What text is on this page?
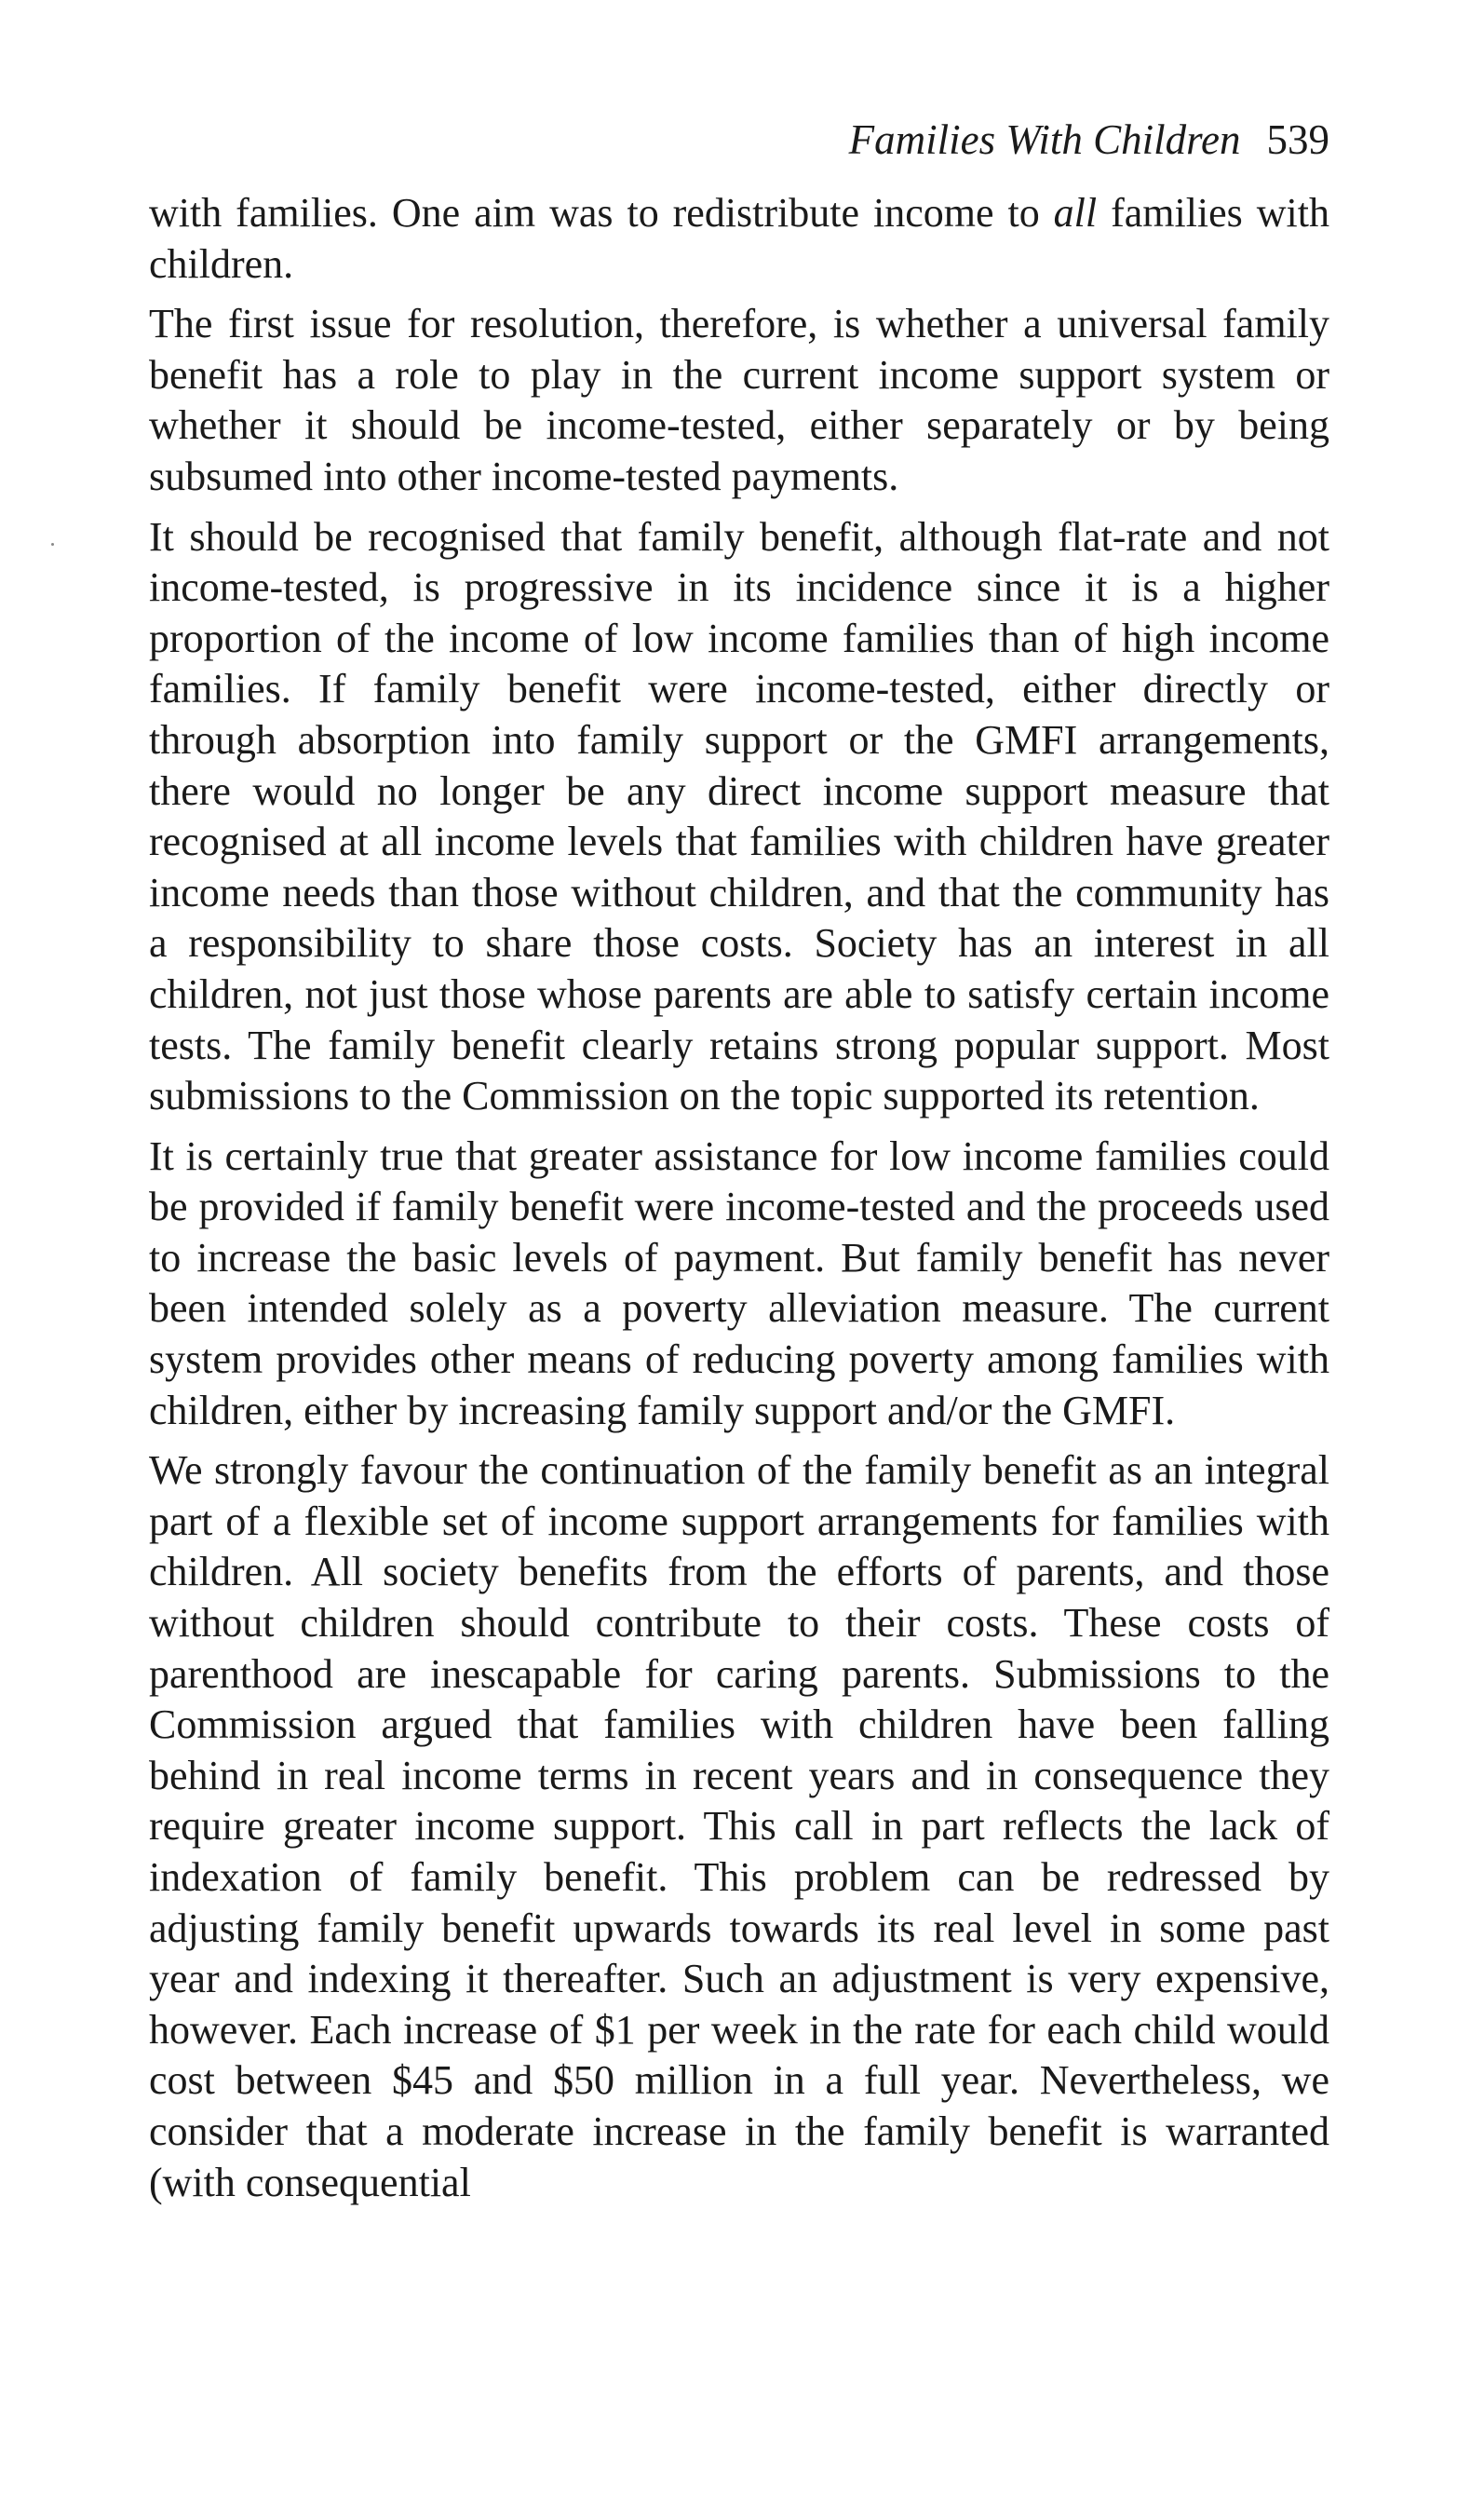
Families With Children 539

with families. One aim was to redistribute income to all families with children.

The first issue for resolution, therefore, is whether a universal family benefit has a role to play in the current income support system or whether it should be income-tested, either separately or by being subsumed into other income-tested payments.

It should be recognised that family benefit, although flat-rate and not income-tested, is progressive in its incidence since it is a higher proportion of the income of low income families than of high income families. If family benefit were income-tested, either directly or through absorption into family support or the GMFI arrangements, there would no longer be any direct income support measure that recognised at all income levels that families with children have greater income needs than those without children, and that the community has a responsibility to share those costs. Society has an interest in all children, not just those whose parents are able to satisfy certain income tests. The family benefit clearly retains strong popular support. Most submissions to the Commission on the topic supported its retention.

It is certainly true that greater assistance for low income families could be provided if family benefit were income-tested and the proceeds used to increase the basic levels of payment. But family benefit has never been intended solely as a poverty alleviation measure. The current system provides other means of reducing poverty among families with children, either by increasing family support and/or the GMFI.

We strongly favour the continuation of the family benefit as an integral part of a flexible set of income support arrangements for families with children. All society benefits from the efforts of parents, and those without children should contribute to their costs. These costs of parenthood are inescapable for caring parents. Submissions to the Commission argued that families with children have been falling behind in real income terms in recent years and in consequence they require greater income support. This call in part reflects the lack of indexation of family benefit. This problem can be redressed by adjusting family benefit upwards towards its real level in some past year and indexing it thereafter. Such an adjustment is very expensive, however. Each increase of $1 per week in the rate for each child would cost between $45 and $50 million in a full year. Nevertheless, we consider that a moderate increase in the family benefit is warranted (with consequential
